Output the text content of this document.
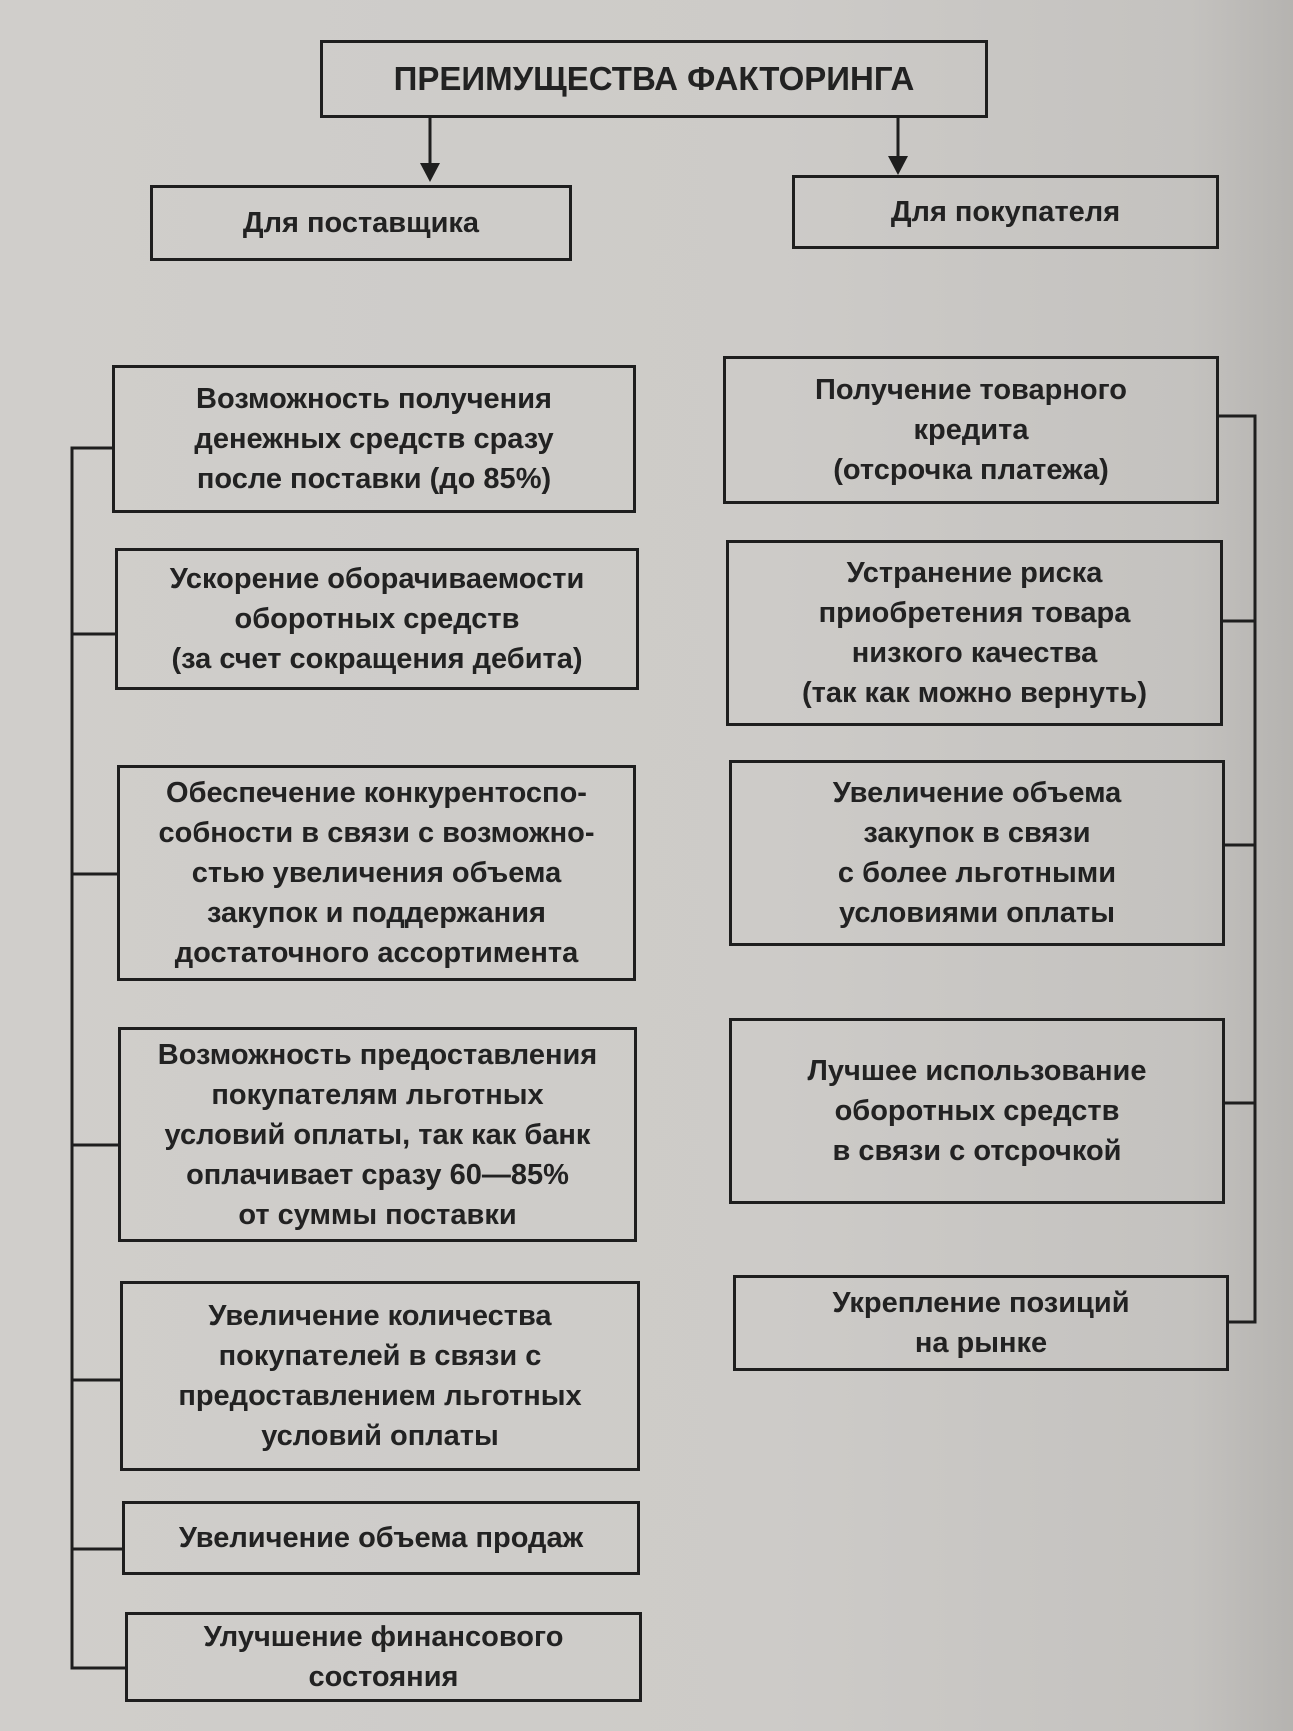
ПРЕИМУЩЕСТВА ФАКТОРИНГА
Для поставщика	Для покупателя
Возможность получения
денежных средств сразу
после поставки (до 85%)
Ускорение оборачиваемости
оборотных средств
(за счет сокращения дебита)
Обеспечение конкурентоспо-
собности в связи с возможно-
стью увеличения объема
закупок и поддержания
достаточного ассортимента
Возможность предоставления
покупателям льготных
условий оплаты, так как банк
оплачивает сразу 60—85%
от суммы поставки
Увеличение количества
покупателей в связи с
предоставлением льготных
условий оплаты
Увеличение объема продаж
Улучшение финансового
состояния
Получение товарного
кредита
(отсрочка платежа)
Устранение риска
приобретения товара
низкого качества
(так как можно вернуть)
Увеличение объема
закупок в связи
с более льготными
условиями оплаты
Лучшее использование
оборотных средств
в связи с отсрочкой
Укрепление позиций
на рынке
